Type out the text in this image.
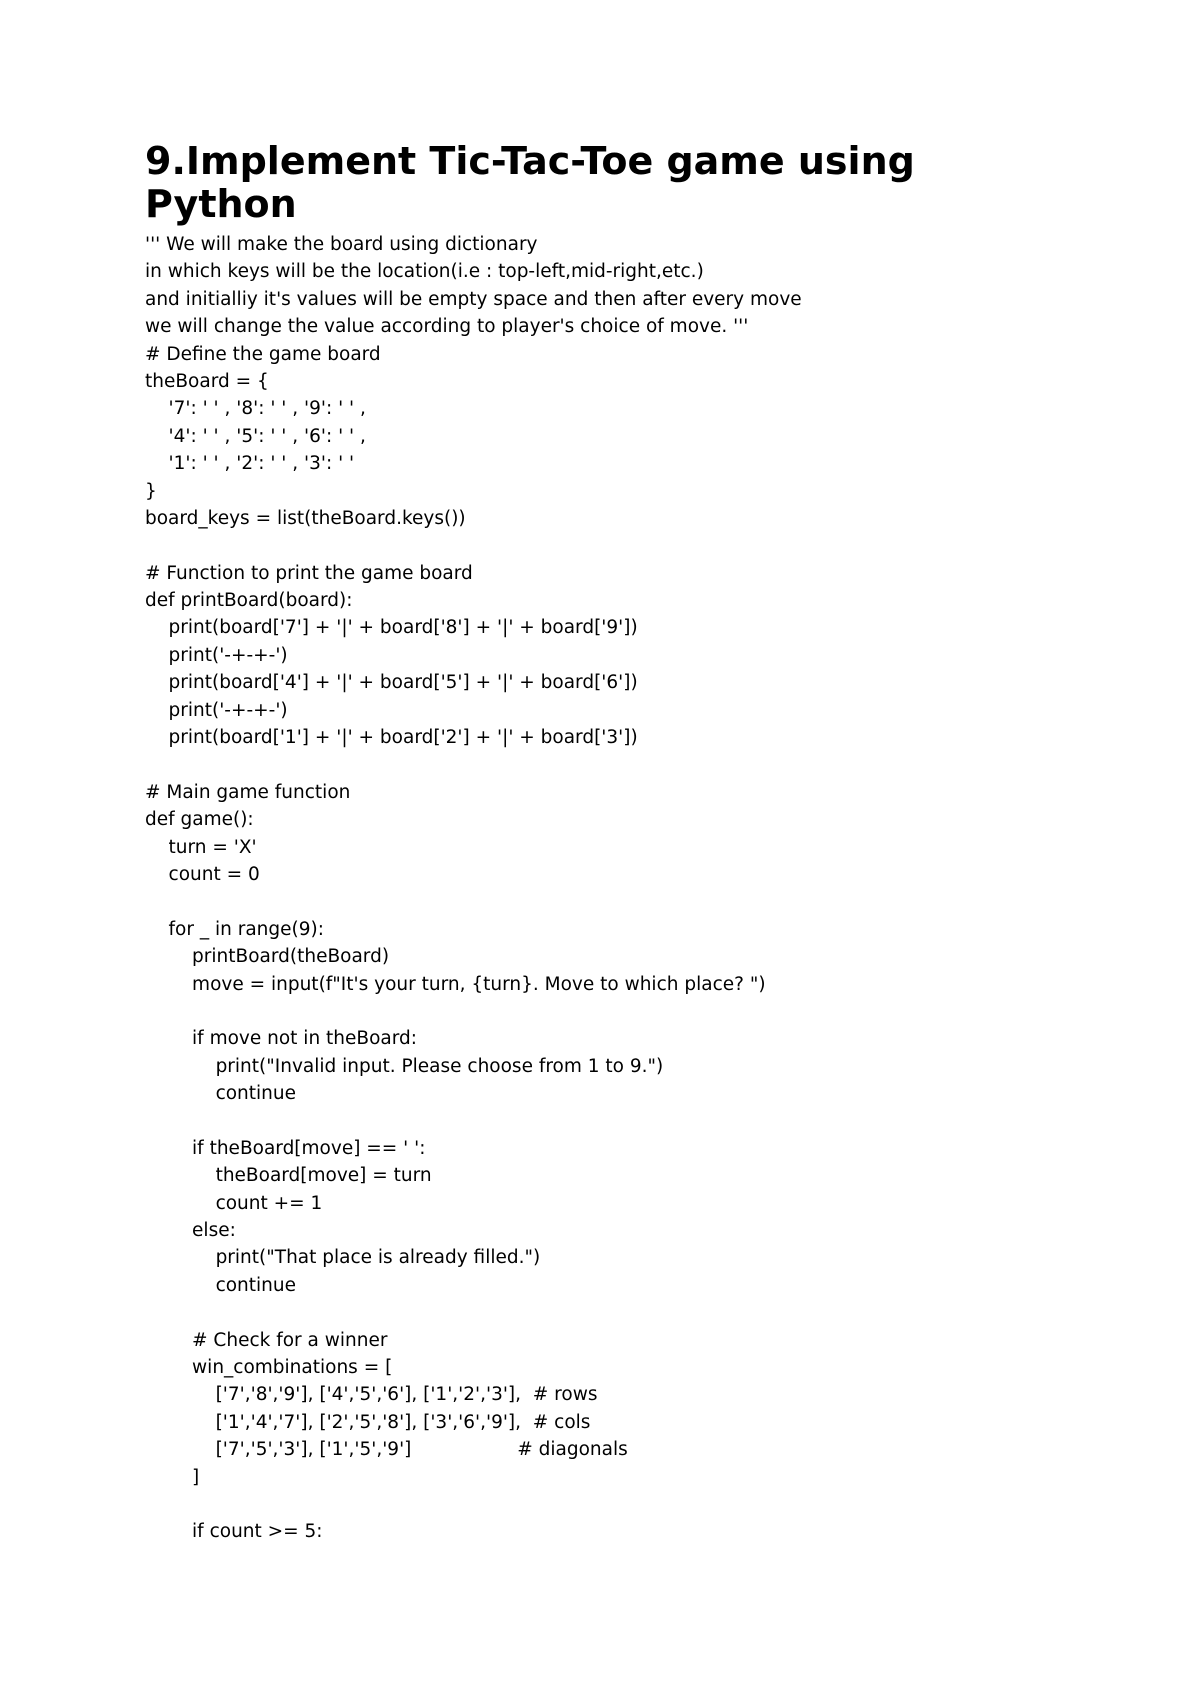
9.Implement Tic-Tac-Toe game using
Python
''' We will make the board using dictionary
in which keys will be the location(i.e : top-left,mid-right,etc.)
and initialliy it's values will be empty space and then after every move
we will change the value according to player's choice of move. '''
# Define the game board
theBoard = {
'7': ' ' , '8': ' ' , '9': ' ' ,
'4': ' ' , '5': ' ' , '6': ' ' ,
'1': ' ' , '2': ' ' , '3': ' '
}
board_keys = list(theBoard.keys())
# Function to print the game board
def printBoard(board):
print(board['7'] + '|' + board['8'] + '|' + board['9'])
print('-+-+-')
print(board['4'] + '|' + board['5'] + '|' + board['6'])
print('-+-+-')
print(board['1'] + '|' + board['2'] + '|' + board['3'])
# Main game function
def game():
turn = 'X'
count = 0
for _ in range(9):
printBoard(theBoard)
move = input(f"It's your turn, {turn}. Move to which place? ")
if move not in theBoard:
print("Invalid input. Please choose from 1 to 9.")
continue
if theBoard[move] == ' ':
theBoard[move] = turn
count += 1
else:
print("That place is already filled.")
continue
# Check for a winner
win_combinations = [
['7','8','9'], ['4','5','6'], ['1','2','3'],  # rows
['1','4','7'], ['2','5','8'], ['3','6','9'],  # cols
['7','5','3'], ['1','5','9']                  # diagonals
]
if count >= 5:
